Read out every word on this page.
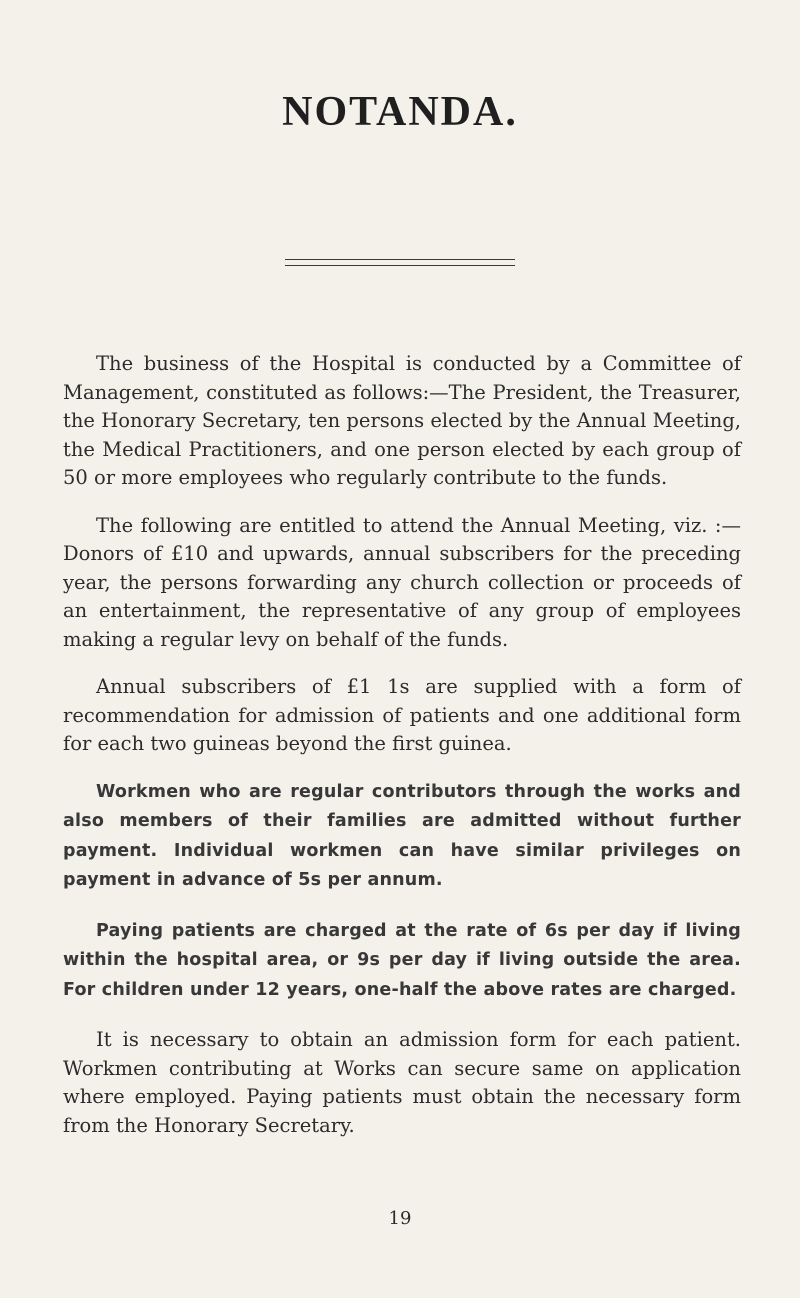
NOTANDA.

The business of the Hospital is conducted by a Committee of Management, constituted as follows:—The President, the Treasurer, the Honorary Secretary, ten persons elected by the Annual Meeting, the Medical Practitioners, and one person elected by each group of 50 or more employees who regularly contribute to the funds.

The following are entitled to attend the Annual Meeting, viz. :—Donors of £10 and upwards, annual subscribers for the preceding year, the persons forwarding any church collection or proceeds of an entertainment, the representative of any group of employees making a regular levy on behalf of the funds.

Annual subscribers of £1 1s are supplied with a form of recommendation for admission of patients and one additional form for each two guineas beyond the first guinea.

Workmen who are regular contributors through the works and also members of their families are admitted without further payment. Individual workmen can have similar privileges on payment in advance of 5s per annum.

Paying patients are charged at the rate of 6s per day if living within the hospital area, or 9s per day if living outside the area. For children under 12 years, one-half the above rates are charged.

It is necessary to obtain an admission form for each patient. Workmen contributing at Works can secure same on application where employed. Paying patients must obtain the necessary form from the Honorary Secretary.

19
